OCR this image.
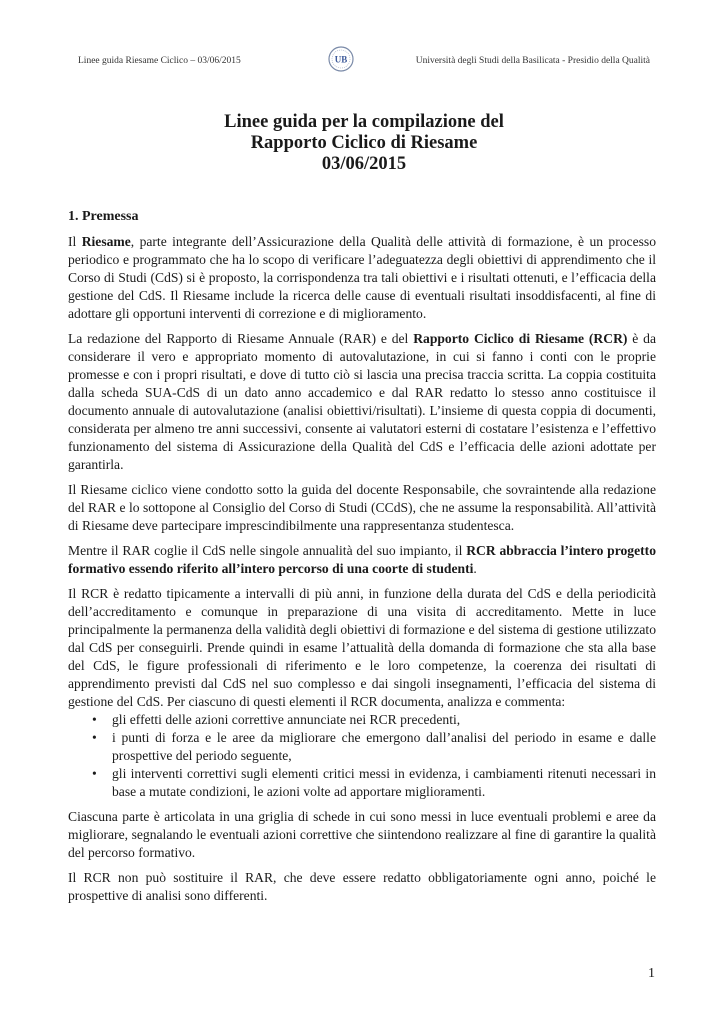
Linee guida Riesame Ciclico – 03/06/2015	UB	Università degli Studi della Basilicata - Presidio della Qualità
Linee guida per la compilazione del
Rapporto Ciclico di Riesame
03/06/2015
1. Premessa

Il Riesame, parte integrante dell’Assicurazione della Qualità delle attività di formazione, è un processo periodico e programmato che ha lo scopo di verificare l’adeguatezza degli obiettivi di apprendimento che il Corso di Studi (CdS) si è proposto, la corrispondenza tra tali obiettivi e i risultati ottenuti, e l’efficacia della gestione del CdS. Il Riesame include la ricerca delle cause di eventuali risultati insoddisfacenti, al fine di adottare gli opportuni interventi di correzione e di miglioramento.

La redazione del Rapporto di Riesame Annuale (RAR) e del Rapporto Ciclico di Riesame (RCR) è da considerare il vero e appropriato momento di autovalutazione, in cui si fanno i conti con le proprie promesse e con i propri risultati, e dove di tutto ciò si lascia una precisa traccia scritta. La coppia costituita dalla scheda SUA-CdS di un dato anno accademico e dal RAR redatto lo stesso anno costituisce il documento annuale di autovalutazione (analisi obiettivi/risultati). L’insieme di questa coppia di documenti, considerata per almeno tre anni successivi, consente ai valutatori esterni di costatare l’esistenza e l’effettivo funzionamento del sistema di Assicurazione della Qualità del CdS e l’efficacia delle azioni adottate per garantirla.

Il Riesame ciclico viene condotto sotto la guida del docente Responsabile, che sovraintende alla redazione del RAR e lo sottopone al Consiglio del Corso di Studi (CCdS), che ne assume la responsabilità. All’attività di Riesame deve partecipare imprescindibilmente una rappresentanza studentesca.

Mentre il RAR coglie il CdS nelle singole annualità del suo impianto, il RCR abbraccia l’intero progetto formativo essendo riferito all’intero percorso di una coorte di studenti.

Il RCR è redatto tipicamente a intervalli di più anni, in funzione della durata del CdS e della periodicità dell’accreditamento e comunque in preparazione di una visita di accreditamento. Mette in luce principalmente la permanenza della validità degli obiettivi di formazione e del sistema di gestione utilizzato dal CdS per conseguirli. Prende quindi in esame l’attualità della domanda di formazione che sta alla base del CdS, le figure professionali di riferimento e le loro competenze, la coerenza dei risultati di apprendimento previsti dal CdS nel suo complesso e dai singoli insegnamenti, l’efficacia del sistema di gestione del CdS. Per ciascuno di questi elementi il RCR documenta, analizza e commenta:

• gli effetti delle azioni correttive annunciate nei RCR precedenti,
• i punti di forza e le aree da migliorare che emergono dall’analisi del periodo in esame e dalle prospettive del periodo seguente,
• gli interventi correttivi sugli elementi critici messi in evidenza, i cambiamenti ritenuti necessari in base a mutate condizioni, le azioni volte ad apportare miglioramenti.

Ciascuna parte è articolata in una griglia di schede in cui sono messi in luce eventuali problemi e aree da migliorare, segnalando le eventuali azioni correttive che siintendono realizzare al fine di garantire la qualità del percorso formativo.

Il RCR non può sostituire il RAR, che deve essere redatto obbligatoriamente ogni anno, poiché le prospettive di analisi sono differenti.

1
